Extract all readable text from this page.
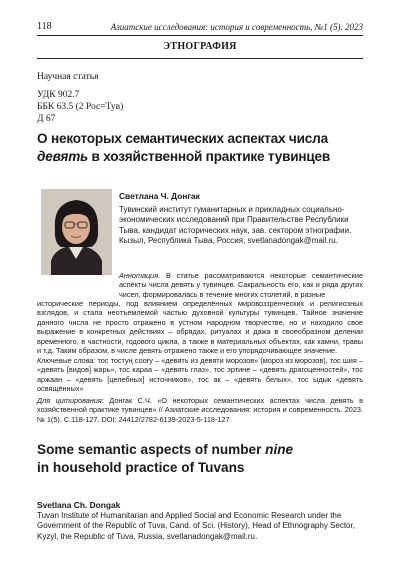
118	Азиатские исследования: история и современность, №1 (5). 2023
ЭТНОГРАФИЯ
Научная статья
УДК 902.7
ББК 63.5 (2 Рос=Тув)
Д 67
О некоторых семантических аспектах числа
девять в хозяйственной практике тувинцев
Светлана Ч. Донгак
Тувинский институт гуманитарных и прикладных социально-экономических исследований при Правительстве Республики Тыва, кандидат исторических наук, зав. сектором этнографии. Кызыл, Республика Тыва, Россия, svetlanadongak@mail.ru.
Аннотация. В статье рассматриваются некоторые семантические аспекты числа девять у тувинцев. Сакральность его, как и ряда других чисел, формировалась в течение многих столетий, в разные
исторические периоды, под влиянием определённых мировоззренческих и религиозных взглядов, и стала неотъемлемой частью духовной культуры тувинцев. Тайное значение данного числа не просто отражено в устном народном творчестве, но и находило свое выражение в конкретных действиях – обрядах, ритуалах и дажа в своеобразном делении временного, в частности, годового цикла, а также в материальных объектах, как камни, травы и т.д. Таким образом, в числе девять отражено также и его упорядочивающее значение.
Ключевые слова: тос тостуң сооғу – «девять из девяти морозов» (мороз из морозов), тос шия – «девять [видов] жарь», тос караа – «девять глаз», тос эртине – «девять драгоценностей», тос аржаан – «девять [целебных] источников», тос ак – «девять белых», тос ыдык «девять освящённых»
Для цитирования: Донгак С.Ч. «О некоторых семантических аспектах числа девять в хозяйственной практике тувинцев» // Азиатские исследования: история и современность. 2023. № 1(5). С.118-127. DOI: 24412/2782-6139-2023-5-118-127
Some semantic aspects of number nine
in household practice of Tuvans
Svetlana Ch. Dongak
Tuvan Institute of Humanitarian and Applied Social and Economic Research under the Government of the Republic of Tuva, Cand. of Sci. (History), Head of Ethnography Sector, Kyzyl, the Republic of Tuva, Russia, svetlanadongak@mail.ru.
